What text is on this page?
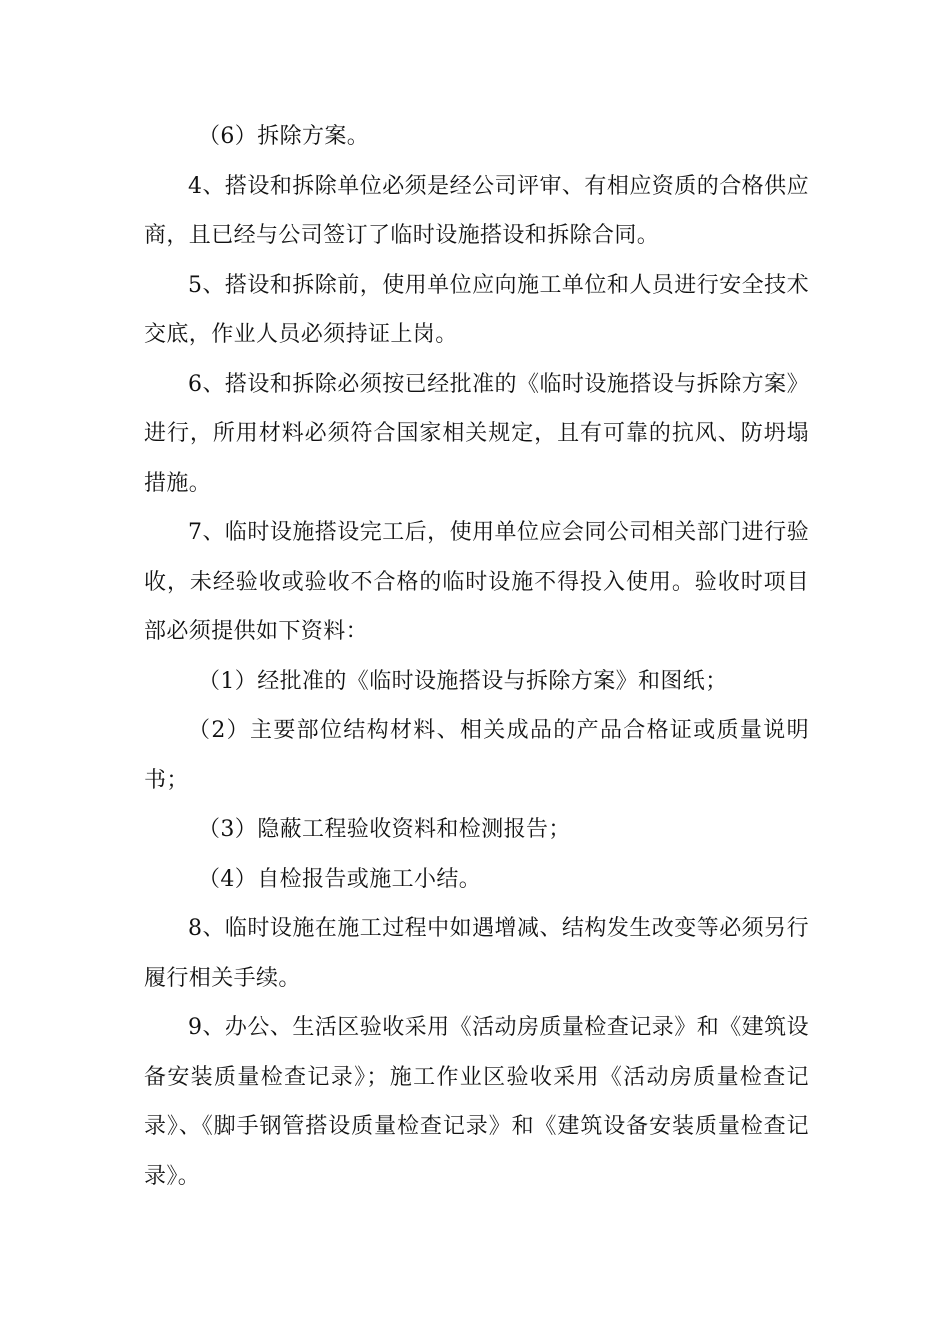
（6）拆除方案。

4、搭设和拆除单位必须是经公司评审、有相应资质的合格供应商，且已经与公司签订了临时设施搭设和拆除合同。

5、搭设和拆除前，使用单位应向施工单位和人员进行安全技术交底，作业人员必须持证上岗。

6、搭设和拆除必须按已经批准的《临时设施搭设与拆除方案》进行，所用材料必须符合国家相关规定，且有可靠的抗风、防坍塌措施。

7、临时设施搭设完工后，使用单位应会同公司相关部门进行验收，未经验收或验收不合格的临时设施不得投入使用。验收时项目部必须提供如下资料：

（1）经批准的《临时设施搭设与拆除方案》和图纸；

（2）主要部位结构材料、相关成品的产品合格证或质量说明书；

（3）隐蔽工程验收资料和检测报告；

（4）自检报告或施工小结。

8、临时设施在施工过程中如遇增减、结构发生改变等必须另行履行相关手续。

9、办公、生活区验收采用《活动房质量检查记录》和《建筑设备安装质量检查记录》；施工作业区验收采用《活动房质量检查记录》、《脚手钢管搭设质量检查记录》和《建筑设备安装质量检查记录》。
